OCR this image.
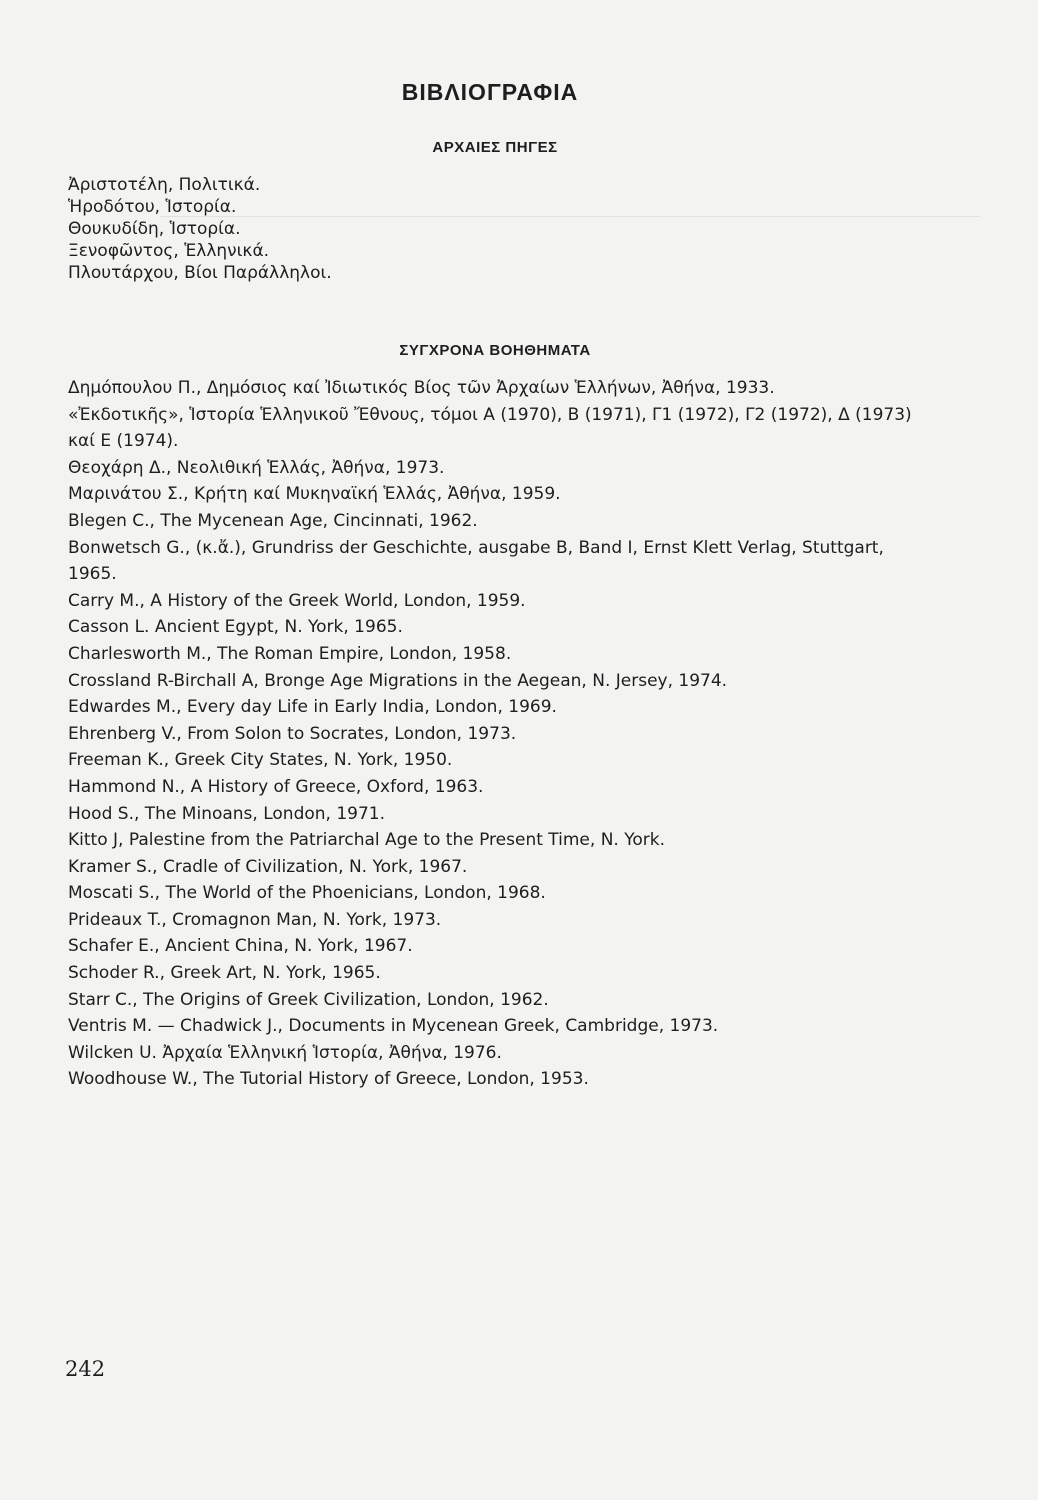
ΒΙΒΛΙΟΓΡΑΦΙΑ
ΑΡΧΑΙΕΣ ΠΗΓΕΣ
Ἀριστοτέλη, Πολιτικά.
Ἡροδότου, Ἱστορία.
Θουκυδίδη, Ἱστορία.
Ξενοφῶντος, Ἑλληνικά.
Πλουτάρχου, Βίοι Παράλληλοι.
ΣΥΓΧΡΟΝΑ ΒΟΗΘΗΜΑΤΑ
Δημόπουλου Π., Δημόσιος καί Ἰδιωτικός Βίος τῶν Ἀρχαίων Ἑλλήνων, Ἀθήνα, 1933.
«Ἐκδοτικῆς», Ἱστορία Ἑλληνικοῦ Ἔθνους, τόμοι Α (1970), Β (1971), Γ1 (1972), Γ2 (1972), Δ (1973) καί Ε (1974).
Θεοχάρη Δ., Νεολιθική Ἑλλάς, Ἀθήνα, 1973.
Μαρινάτου Σ., Κρήτη καί Μυκηναϊκή Ἑλλάς, Ἀθήνα, 1959.
Blegen C., The Mycenean Age, Cincinnati, 1962.
Bonwetsch G., (κ.ἄ.), Grundriss der Geschichte, ausgabe B, Band I, Ernst Klett Verlag, Stuttgart, 1965.
Carry M., A History of the Greek World, London, 1959.
Casson L. Ancient Egypt, N. York, 1965.
Charlesworth M., The Roman Empire, London, 1958.
Crossland R-Birchall A, Bronge Age Migrations in the Aegean, N. Jersey, 1974.
Edwardes M., Every day Life in Early India, London, 1969.
Ehrenberg V., From Solon to Socrates, London, 1973.
Freeman K., Greek City States, N. York, 1950.
Hammond N., A History of Greece, Oxford, 1963.
Hood S., The Minoans, London, 1971.
Kitto J, Palestine from the Patriarchal Age to the Present Time, N. York.
Kramer S., Cradle of Civilization, N. York, 1967.
Moscati S., The World of the Phoenicians, London, 1968.
Prideaux T., Cromagnon Man, N. York, 1973.
Schafer E., Ancient China, N. York, 1967.
Schoder R., Greek Art, N. York, 1965.
Starr C., The Origins of Greek Civilization, London, 1962.
Ventris M. — Chadwick J., Documents in Mycenean Greek, Cambridge, 1973.
Wilcken U. Ἀρχαία Ἑλληνική Ἱστορία, Ἀθήνα, 1976.
Woodhouse W., The Tutorial History of Greece, London, 1953.
242
